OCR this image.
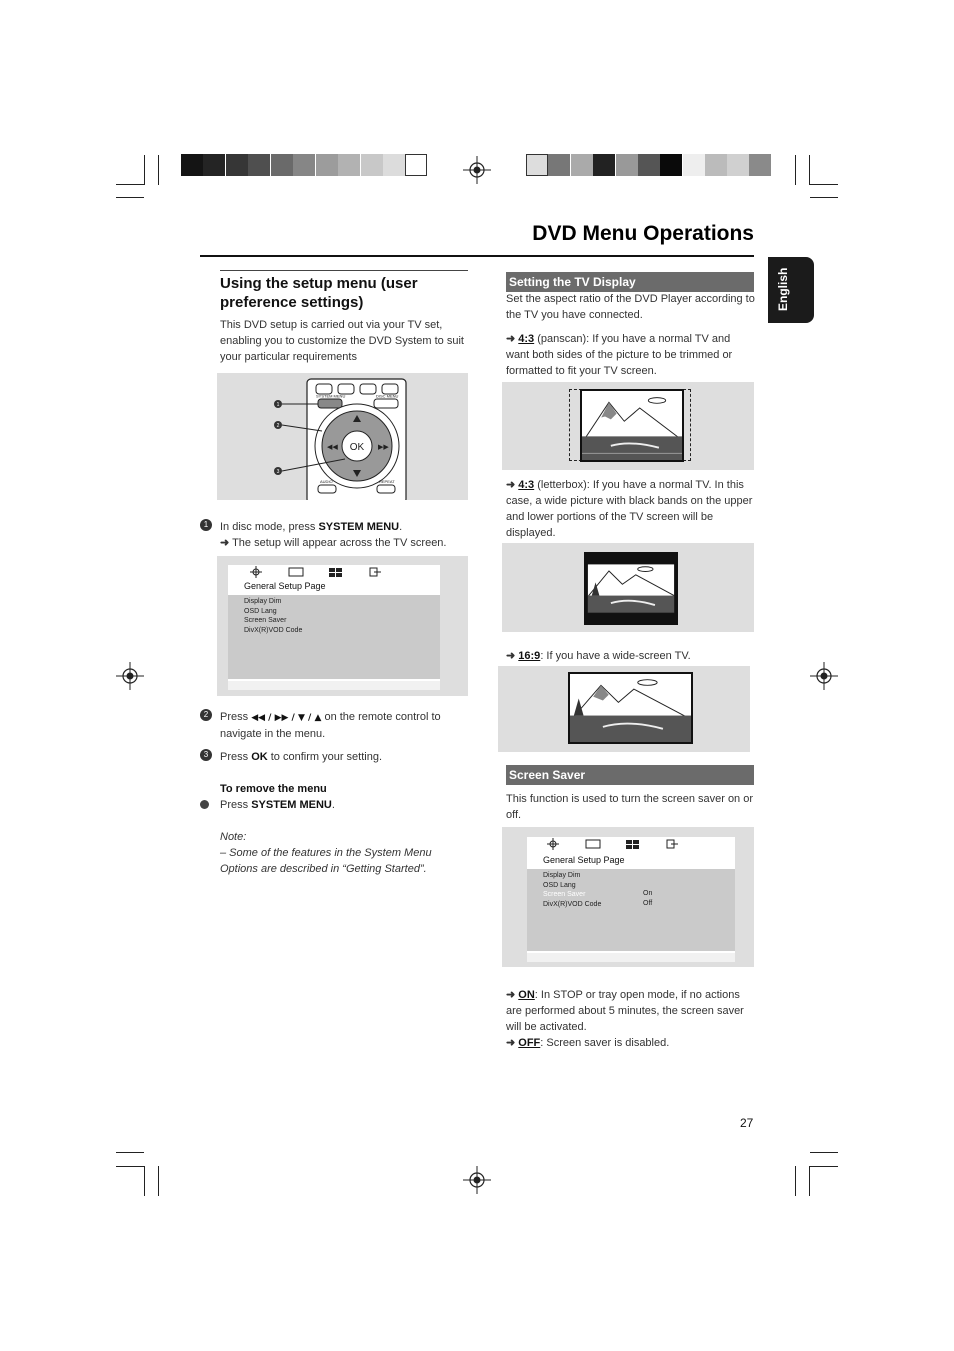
DVD Menu Operations
English
Using the setup menu (user preference settings)
This DVD setup is carried out via your TV set, enabling you to customize the DVD System to suit your particular requirements
SYSTEM MENU	DISC MENU
OK
◀◀	▶▶
AUDIO	REPEAT
1
2
3
1	In disc mode, press SYSTEM MENU.
➜ The setup will appear across the TV screen.
General Setup Page
Display Dim
OSD Lang
Screen Saver
DivX(R)VOD Code
2	Press ◀◀ / ▶▶ / ▼ / ▲ on the remote control to navigate in the menu.
3	Press OK to confirm your setting.
To remove the menu
Press SYSTEM MENU.
Note:
– Some of the features in the System Menu Options are described in “Getting Started”.
Setting the TV Display
Set the aspect ratio of the DVD Player according to the TV you have connected.
➜ 4:3 (panscan): If you have a normal TV and want both sides of the picture to be trimmed or formatted to fit your TV screen.
➜ 4:3 (letterbox): If you have a normal TV. In this case, a wide picture with black bands on the upper and lower portions of the TV screen will be displayed.
➜ 16:9: If you have a wide-screen TV.
Screen Saver
This function is used to turn the screen saver on or off.
General Setup Page
Display Dim
OSD Lang
Screen Saver
DivX(R)VOD Code
On
Off
➜ ON: In STOP or tray open mode, if no actions are performed about 5 minutes, the screen saver will be activated.
➜ OFF: Screen saver is disabled.
27
